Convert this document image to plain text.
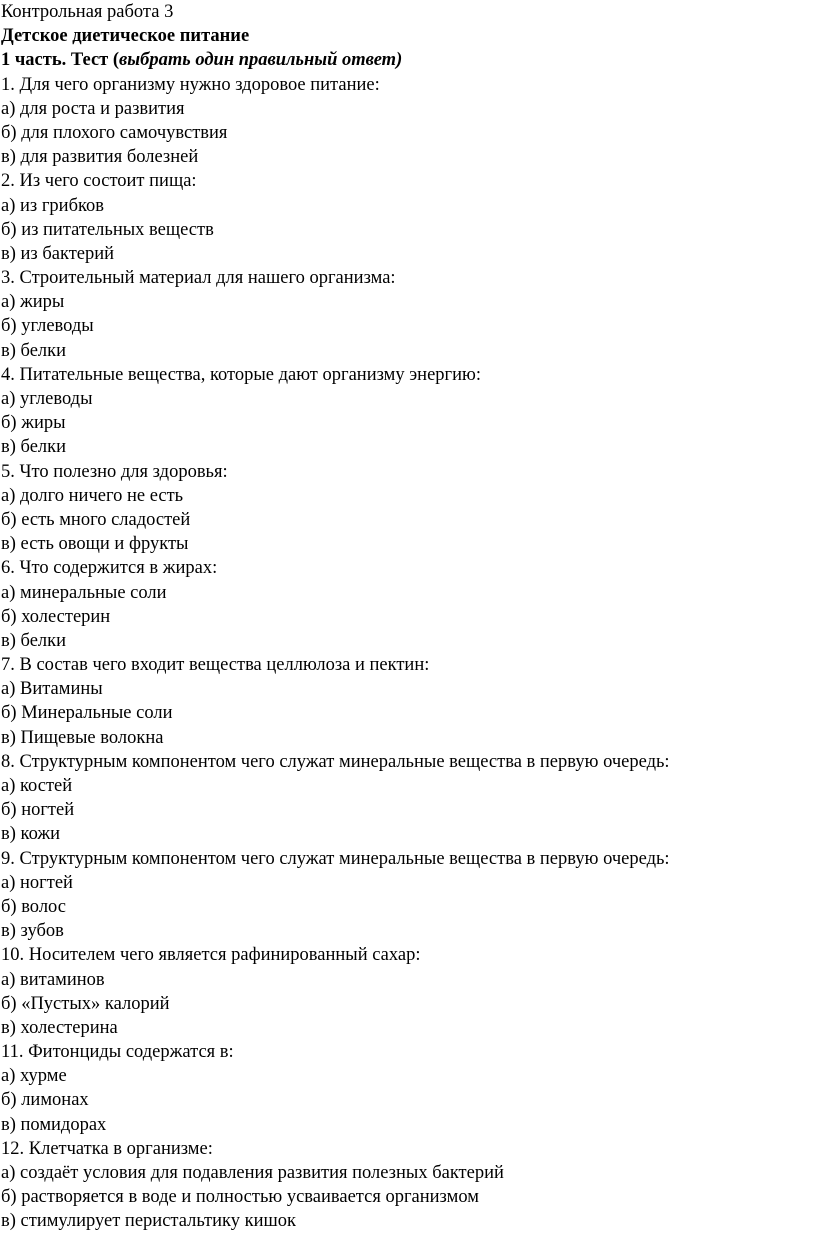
Контрольная работа 3
Детское диетическое питание
1 часть. Тест (выбрать один правильный ответ)
1. Для чего организму нужно здоровое питание:
а) для роста и развития
б) для плохого самочувствия
в) для развития болезней
2. Из чего состоит пища:
а) из грибков
б) из питательных веществ
в) из бактерий
3. Строительный материал для нашего организма:
а) жиры
б) углеводы
в) белки
4. Питательные вещества, которые дают организму энергию:
а) углеводы
б) жиры
в) белки
5. Что полезно для здоровья:
а) долго ничего не есть
б) есть много сладостей
в) есть овощи и фрукты
6. Что содержится в жирах:
а) минеральные соли
б) холестерин
в) белки
7. В состав чего входит вещества целлюлоза и пектин:
а) Витамины
б) Минеральные соли
в) Пищевые волокна
8. Структурным компонентом чего служат минеральные вещества в первую очередь:
а) костей
б) ногтей
в) кожи
9. Структурным компонентом чего служат минеральные вещества в первую очередь:
а) ногтей
б) волос
в) зубов
10. Носителем чего является рафинированный сахар:
а) витаминов
б) «Пустых» калорий
в) холестерина
11. Фитонциды содержатся в:
а) хурме
б) лимонах
в) помидорах
12. Клетчатка в организме:
а) создаёт условия для подавления развития полезных бактерий
б) растворяется в воде и полностью усваивается организмом
в) стимулирует перистальтику кишок
